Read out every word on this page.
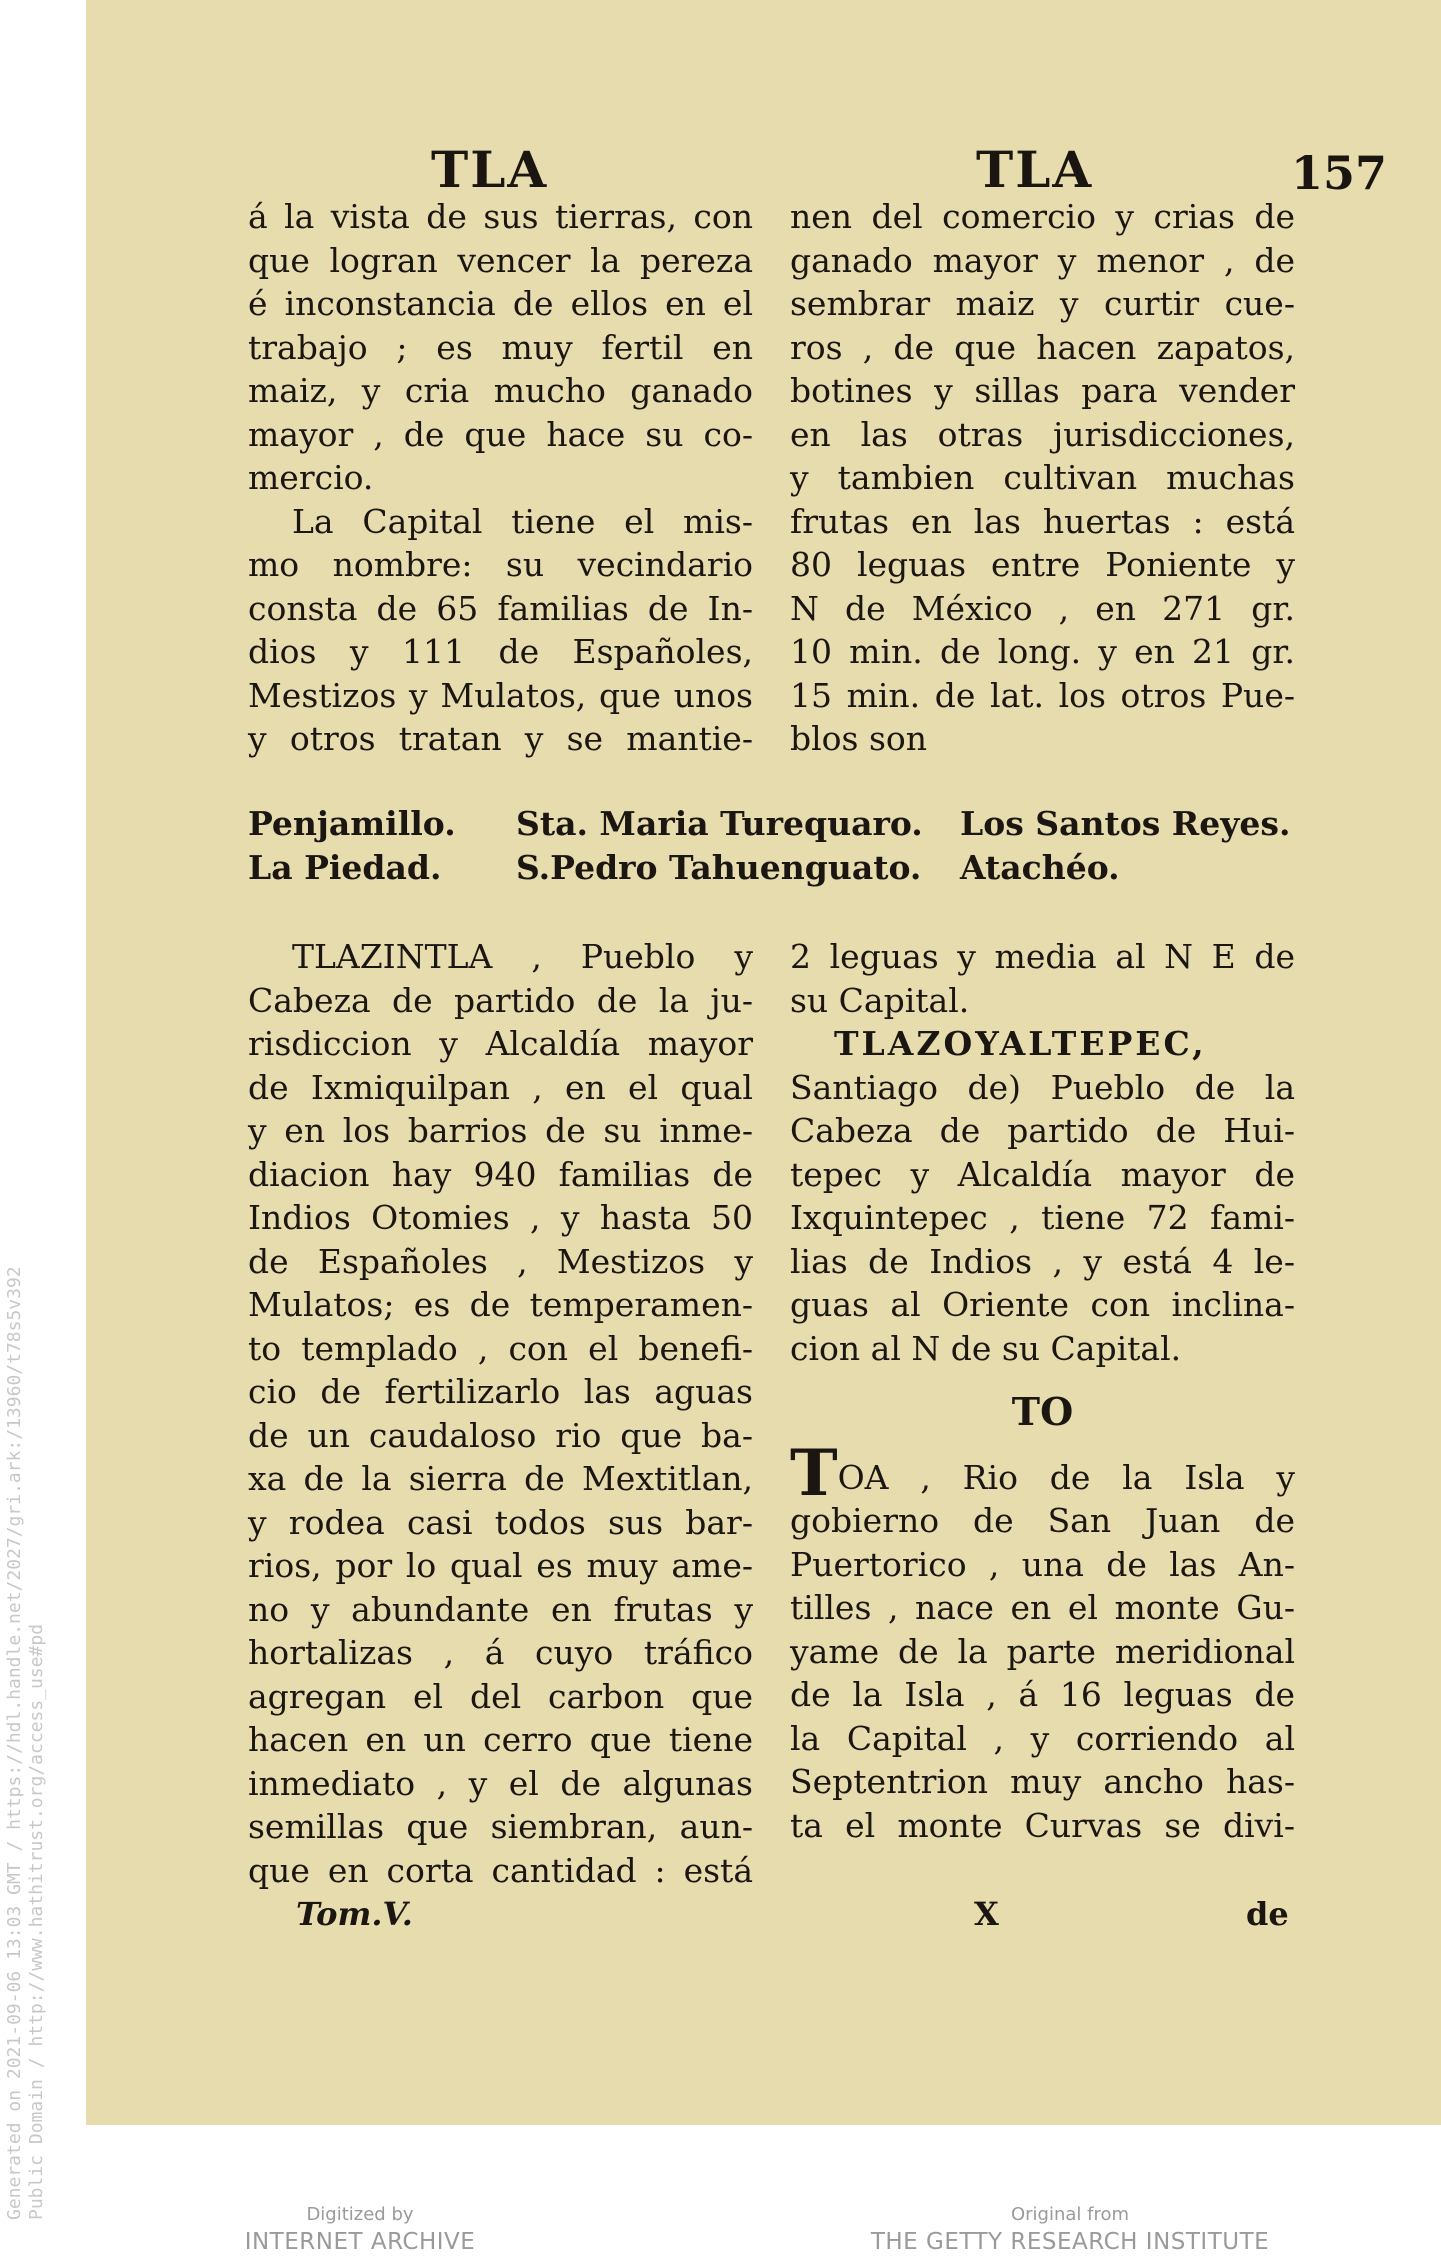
Generated on 2021-09-06 13:03 GMT / https://hdl.handle.net/2027/gri.ark:/13960/t78s5v392 Public Domain / http://www.hathitrust.org/access_use#pd
TLA	TLA	157

á la vista de sus tierras, con

que logran vencer la pereza

é inconstancia de ellos en el

trabajo ; es muy fertil en

maiz, y cria mucho ganado

mayor , de que hace su co-

mercio.

La Capital tiene el mis-

mo nombre: su vecindario

consta de 65 familias de In-

dios y 111 de Españoles,

Mestizos y Mulatos, que unos

y otros tratan y se mantie-

nen del comercio y crias de

ganado mayor y menor , de

sembrar maiz y curtir cue-

ros , de que hacen zapatos,

botines y sillas para vender

en las otras jurisdicciones,

y tambien cultivan muchas

frutas en las huertas : está

80 leguas entre Poniente y

N de México , en 271 gr.

10 min. de long. y en 21 gr.

15 min. de lat. los otros Pue-

blos son

Penjamillo.	Sta. Maria Turequaro.	Los Santos Reyes.
La Piedad.	S.Pedro Tahuenguato.	Atachéo.

TLAZINTLA , Pueblo y

Cabeza de partido de la ju-

risdiccion y Alcaldía mayor

de Ixmiquilpan , en el qual

y en los barrios de su inme-

diacion hay 940 familias de

Indios Otomies , y hasta 50

de Españoles , Mestizos y

Mulatos; es de temperamen-

to templado , con el benefi-

cio de fertilizarlo las aguas

de un caudaloso rio que ba-

xa de la sierra de Mextitlan,

y rodea casi todos sus bar-

rios, por lo qual es muy ame-

no y abundante en frutas y

hortalizas , á cuyo tráfico

agregan el del carbon que

hacen en un cerro que tiene

inmediato , y el de algunas

semillas que siembran, aun-

que en corta cantidad : está

2 leguas y media al N E de

su Capital.

TLAZOYALTEPEC,

Santiago de) Pueblo de la

Cabeza de partido de Hui-

tepec y Alcaldía mayor de

Ixquintepec , tiene 72 fami-

lias de Indios , y está 4 le-

guas al Oriente con inclina-

cion al N de su Capital.

TO

TOA , Rio de la Isla y

gobierno de San Juan de

Puertorico , una de las An-

tilles , nace en el monte Gu-

yame de la parte meridional

de la Isla , á 16 leguas de

la Capital , y corriendo al

Septentrion muy ancho has-

ta el monte Curvas se divi-

Tom.V.	X	de
Digitized by
INTERNET ARCHIVE
Original from
THE GETTY RESEARCH INSTITUTE
